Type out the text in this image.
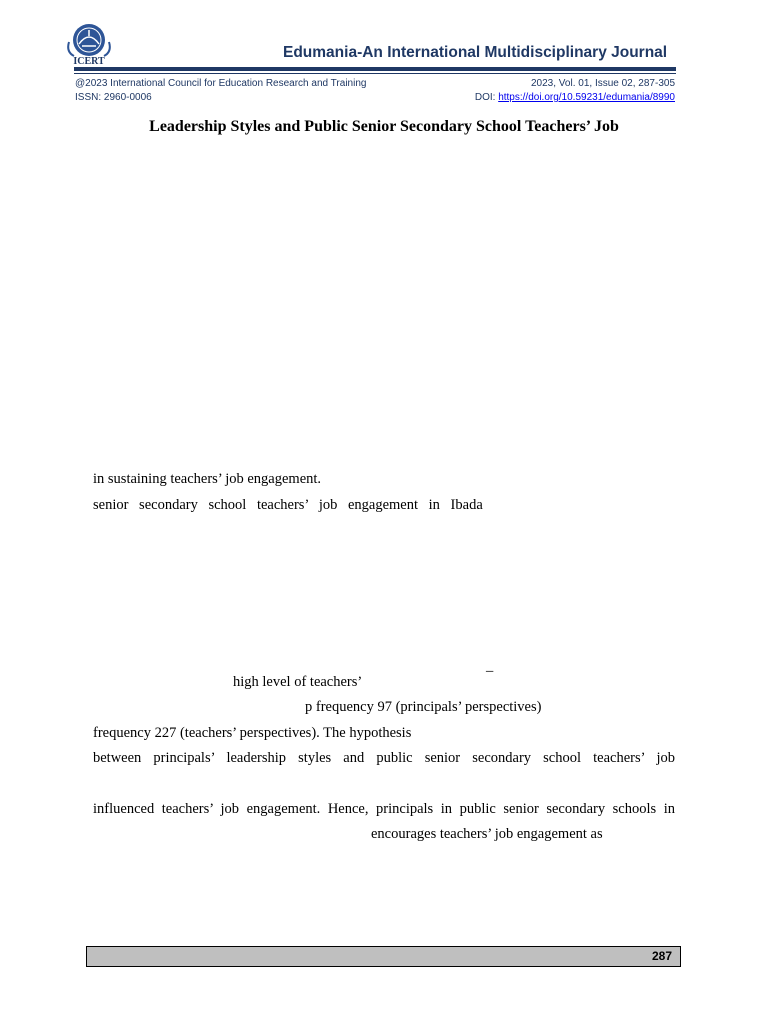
ICERT
Edumania-An International Multidisciplinary Journal
@2023 International Council for Education Research and Training
ISSN: 2960-0006
2023, Vol. 01, Issue 02, 287-305
DOI: https://doi.org/10.59231/edumania/8990
Leadership Styles and Public Senior Secondary School Teachers’ Job
in sustaining teachers’ job engagement.
senior secondary school teachers’ job engagement in Ibada
–
high level of teachers’
p frequency 97 (principals’ perspectives)
frequency 227 (teachers’ perspectives). The hypothesis
between principals’ leadership styles and public senior secondary school teachers’ job
influenced teachers’ job engagement. Hence, principals in public senior secondary schools in
encourages teachers’ job engagement as
287
